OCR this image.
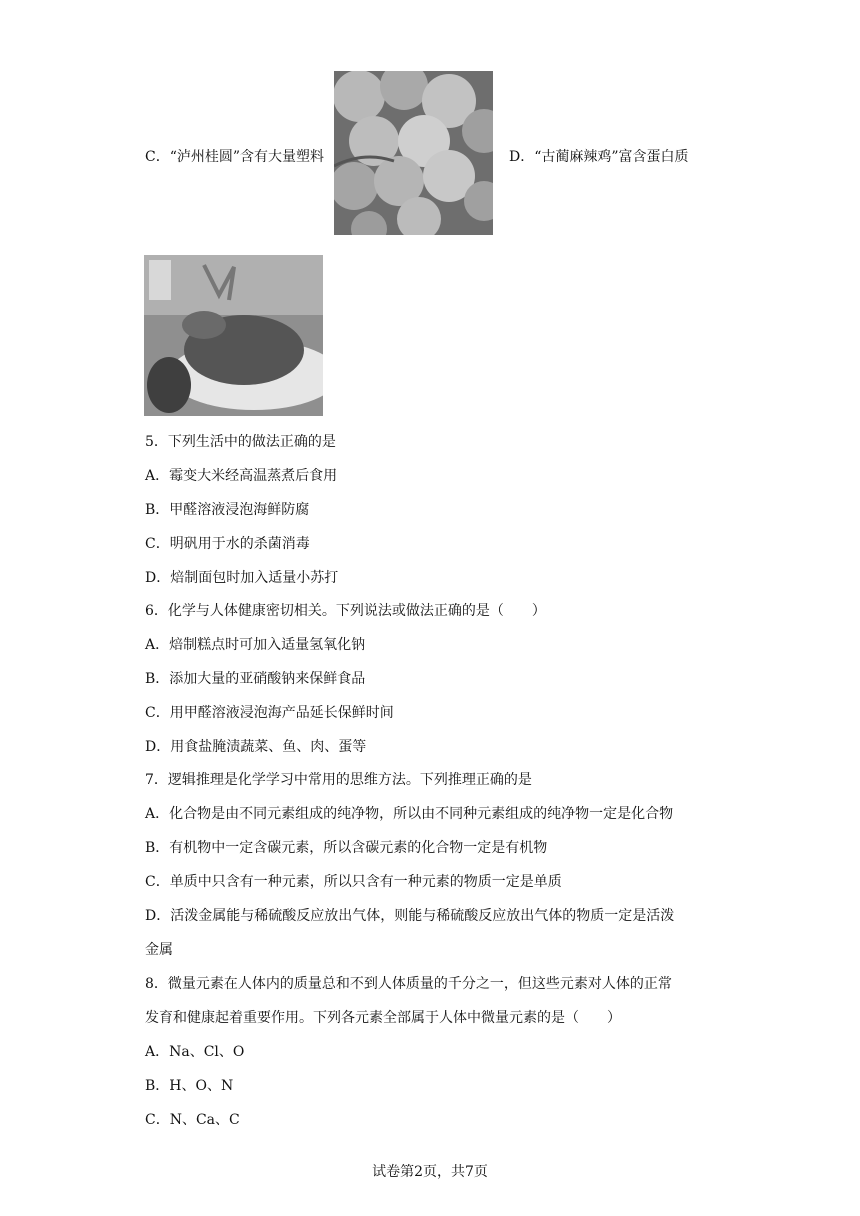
C．“泸州桂圆”含有大量塑料	D．“古蔺麻辣鸡”富含蛋白质
5．下列生活中的做法正确的是
A．霉变大米经高温蒸煮后食用
B．甲醛溶液浸泡海鲜防腐
C．明矾用于水的杀菌消毒
D．焙制面包时加入适量小苏打
6．化学与人体健康密切相关。下列说法或做法正确的是（　　）
A．焙制糕点时可加入适量氢氧化钠
B．添加大量的亚硝酸钠来保鲜食品
C．用甲醛溶液浸泡海产品延长保鲜时间
D．用食盐腌渍蔬菜、鱼、肉、蛋等
7．逻辑推理是化学学习中常用的思维方法。下列推理正确的是
A．化合物是由不同元素组成的纯净物，所以由不同种元素组成的纯净物一定是化合物
B．有机物中一定含碳元素，所以含碳元素的化合物一定是有机物
C．单质中只含有一种元素，所以只含有一种元素的物质一定是单质
D．活泼金属能与稀硫酸反应放出气体，则能与稀硫酸反应放出气体的物质一定是活泼
金属
8．微量元素在人体内的质量总和不到人体质量的千分之一，但这些元素对人体的正常
发育和健康起着重要作用。下列各元素全部属于人体中微量元素的是（　　）
A．Na、Cl、O
B．H、O、N
C．N、Ca、C
试卷第2页，共7页
